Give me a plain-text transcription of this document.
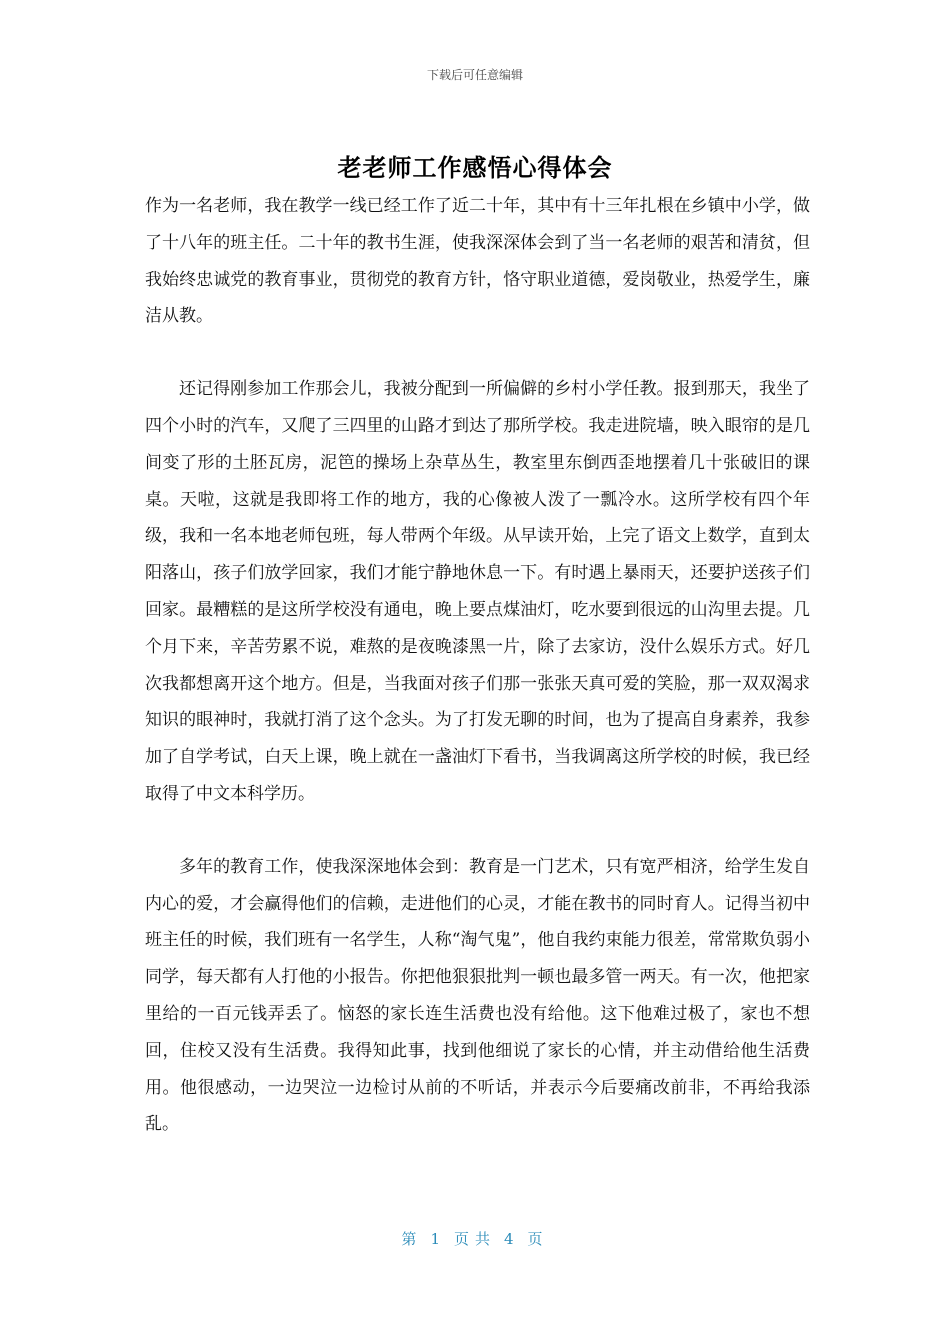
下载后可任意编辑
老老师工作感悟心得体会

作为一名老师，我在教学一线已经工作了近二十年，其中有十三年扎根在乡镇中小学，做了十八年的班主任。二十年的教书生涯，使我深深体会到了当一名老师的艰苦和清贫，但我始终忠诚党的教育事业，贯彻党的教育方针，恪守职业道德，爱岗敬业，热爱学生，廉洁从教。

还记得刚参加工作那会儿，我被分配到一所偏僻的乡村小学任教。报到那天，我坐了四个小时的汽车，又爬了三四里的山路才到达了那所学校。我走进院墙，映入眼帘的是几间变了形的土胚瓦房，泥笆的操场上杂草丛生，教室里东倒西歪地摆着几十张破旧的课桌。天啦，这就是我即将工作的地方，我的心像被人泼了一瓢冷水。这所学校有四个年级，我和一名本地老师包班，每人带两个年级。从早读开始，上完了语文上数学，直到太阳落山，孩子们放学回家，我们才能宁静地休息一下。有时遇上暴雨天，还要护送孩子们回家。最糟糕的是这所学校没有通电，晚上要点煤油灯，吃水要到很远的山沟里去提。几个月下来，辛苦劳累不说，难熬的是夜晚漆黑一片，除了去家访，没什么娱乐方式。好几次我都想离开这个地方。但是，当我面对孩子们那一张张天真可爱的笑脸，那一双双渴求知识的眼神时，我就打消了这个念头。为了打发无聊的时间，也为了提高自身素养，我参加了自学考试，白天上课，晚上就在一盏油灯下看书，当我调离这所学校的时候，我已经取得了中文本科学历。

多年的教育工作，使我深深地体会到：教育是一门艺术，只有宽严相济，给学生发自内心的爱，才会赢得他们的信赖，走进他们的心灵，才能在教书的同时育人。记得当初中班主任的时候，我们班有一名学生，人称“淘气鬼”，他自我约束能力很差，常常欺负弱小同学，每天都有人打他的小报告。你把他狠狠批判一顿也最多管一两天。有一次，他把家里给的一百元钱弄丢了。恼怒的家长连生活费也没有给他。这下他难过极了，家也不想回，住校又没有生活费。我得知此事，找到他细说了家长的心情，并主动借给他生活费用。他很感动，一边哭泣一边检讨从前的不听话，并表示今后要痛改前非，不再给我添乱。

第 1 页共 4 页
